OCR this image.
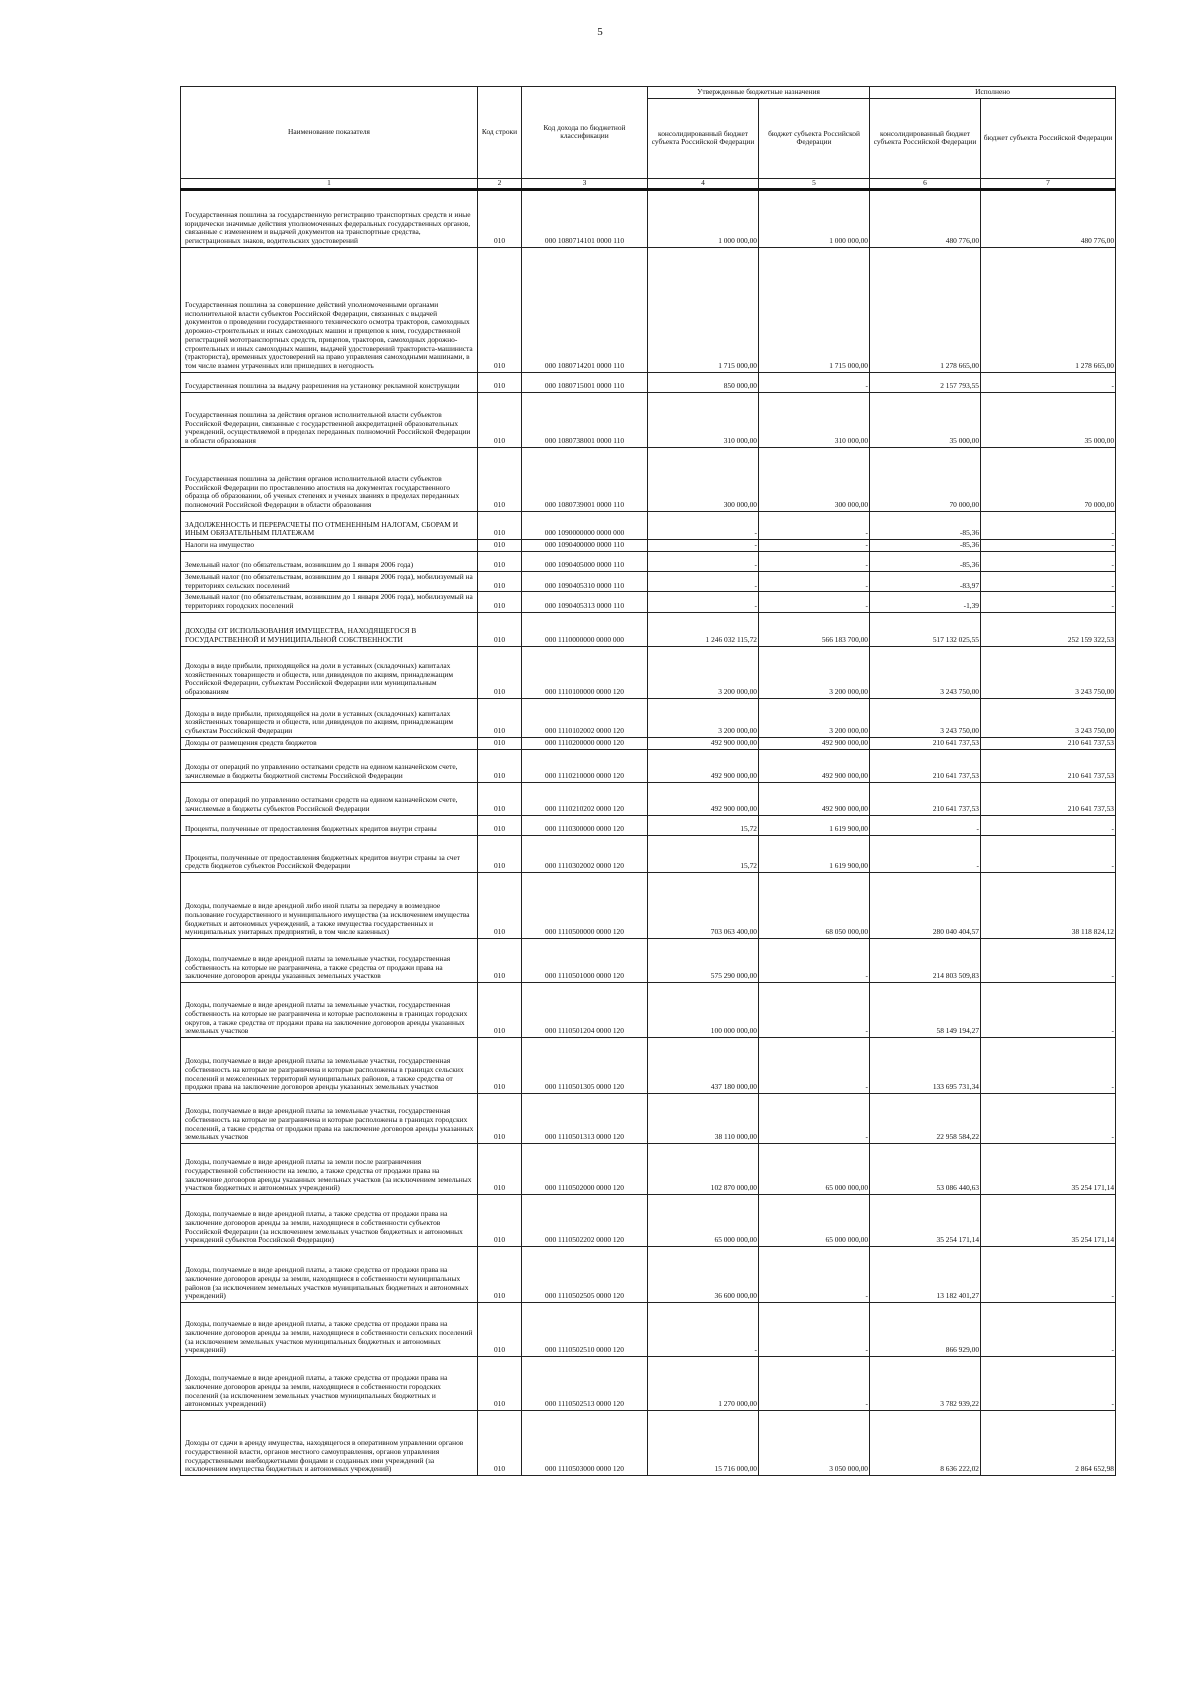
5
Наименование показателя	Код строки	Код дохода по бюджетной классификации	Утвержденные бюджетные назначения		Исполнено	
			консолидированный бюджет субъекта Российской Федерации	бюджет субъекта Российской Федерации	консолидированный бюджет субъекта Российской Федерации	бюджет субъекта Российской Федерации
1	2	3	4	5	6	7
Государственная пошлина за государственную регистрацию транспортных средств и иные юридически значимые действия уполномоченных федеральных государственных органов, связанные с изменением и выдачей документов на транспортные средства, регистрационных знаков, водительских удостоверений	010	000 1080714101 0000 110	1 000 000,00	1 000 000,00	480 776,00	480 776,00
Государственная пошлина за совершение действий уполномоченными органами исполнительной власти субъектов Российской Федерации, связанных с выдачей документов о проведении государственного технического осмотра тракторов, самоходных дорожно-строительных и иных самоходных машин и прицепов к ним, государственной регистрацией мототранспортных средств, прицепов, тракторов, самоходных дорожно-строительных и иных самоходных машин, выдачей удостоверений тракториста-машиниста (тракториста), временных удостоверений на право управления самоходными машинами, в том числе взамен утраченных или пришедших в негодность	010	000 1080714201 0000 110	1 715 000,00	1 715 000,00	1 278 665,00	1 278 665,00
Государственная пошлина за выдачу разрешения на установку рекламной конструкции	010	000 1080715001 0000 110	850 000,00	-	2 157 793,55	-
Государственная пошлина за действия органов исполнительной власти субъектов Российской Федерации, связанные с государственной аккредитацией образовательных учреждений, осуществляемой в пределах переданных полномочий Российской Федерации в области образования	010	000 1080738001 0000 110	310 000,00	310 000,00	35 000,00	35 000,00
Государственная пошлина за действия органов исполнительной власти субъектов Российской Федерации по проставлению апостиля на документах государственного образца об образовании, об ученых степенях и ученых званиях в пределах переданных полномочий Российской Федерации в области образования	010	000 1080739001 0000 110	300 000,00	300 000,00	70 000,00	70 000,00
ЗАДОЛЖЕННОСТЬ И ПЕРЕРАСЧЕТЫ ПО ОТМЕНЕННЫМ НАЛОГАМ, СБОРАМ И ИНЫМ ОБЯЗАТЕЛЬНЫМ ПЛАТЕЖАМ	010	000 1090000000 0000 000	-	-	-85,36	-
Налоги на имущество	010	000 1090400000 0000 110	-	-	-85,36	-
Земельный налог (по обязательствам, возникшим до 1 января 2006 года)	010	000 1090405000 0000 110	-	-	-85,36	-
Земельный налог (по обязательствам, возникшим до 1 января 2006 года), мобилизуемый на территориях сельских поселений	010	000 1090405310 0000 110	-	-	-83,97	-
Земельный налог (по обязательствам, возникшим до 1 января 2006 года), мобилизуемый на территориях городских поселений	010	000 1090405313 0000 110	-	-	-1,39	-
ДОХОДЫ ОТ ИСПОЛЬЗОВАНИЯ ИМУЩЕСТВА, НАХОДЯЩЕГОСЯ В ГОСУДАРСТВЕННОЙ И МУНИЦИПАЛЬНОЙ СОБСТВЕННОСТИ	010	000 1110000000 0000 000	1 246 032 115,72	566 183 700,00	517 132 025,55	252 159 322,53
Доходы в виде прибыли, приходящейся на доли в уставных (складочных) капиталах хозяйственных товариществ и обществ, или дивидендов по акциям, принадлежащим Российской Федерации, субъектам Российской Федерации или муниципальным образованиям	010	000 1110100000 0000 120	3 200 000,00	3 200 000,00	3 243 750,00	3 243 750,00
Доходы в виде прибыли, приходящейся на доли в уставных (складочных) капиталах хозяйственных товариществ и обществ, или дивидендов по акциям, принадлежащим субъектам Российской Федерации	010	000 1110102002 0000 120	3 200 000,00	3 200 000,00	3 243 750,00	3 243 750,00
Доходы от размещения средств бюджетов	010	000 1110200000 0000 120	492 900 000,00	492 900 000,00	210 641 737,53	210 641 737,53
Доходы от операций по управлению остатками средств на едином казначейском счете, зачисляемые в бюджеты бюджетной системы Российской Федерации	010	000 1110210000 0000 120	492 900 000,00	492 900 000,00	210 641 737,53	210 641 737,53
Доходы от операций по управлению остатками средств на едином казначейском счете, зачисляемые в бюджеты субъектов Российской Федерации	010	000 1110210202 0000 120	492 900 000,00	492 900 000,00	210 641 737,53	210 641 737,53
Проценты, полученные от предоставления бюджетных кредитов внутри страны	010	000 1110300000 0000 120	15,72	1 619 900,00	-	-
Проценты, полученные от предоставления бюджетных кредитов внутри страны за счет средств бюджетов субъектов Российской Федерации	010	000 1110302002 0000 120	15,72	1 619 900,00	-	-
Доходы, получаемые в виде арендной либо иной платы за передачу в возмездное пользование государственного и муниципального имущества (за исключением имущества бюджетных и автономных учреждений, а также имущества государственных и муниципальных унитарных предприятий, в том числе казенных)	010	000 1110500000 0000 120	703 063 400,00	68 050 000,00	280 040 404,57	38 118 824,12
Доходы, получаемые в виде арендной платы за земельные участки, государственная собственность на которые не разграничена, а также средства от продажи права на заключение договоров аренды указанных земельных участков	010	000 1110501000 0000 120	575 290 000,00	-	214 803 509,83	-
Доходы, получаемые в виде арендной платы за земельные участки, государственная собственность на которые не разграничена и которые расположены в границах городских округов, а также средства от продажи права на заключение договоров аренды указанных земельных участков	010	000 1110501204 0000 120	100 000 000,00	-	58 149 194,27	-
Доходы, получаемые в виде арендной платы за земельные участки, государственная собственность на которые не разграничена и которые расположены в границах сельских поселений и межселенных территорий муниципальных районов, а также средства от продажи права на заключение договоров аренды указанных земельных участков	010	000 1110501305 0000 120	437 180 000,00	-	133 695 731,34	-
Доходы, получаемые в виде арендной платы за земельные участки, государственная собственность на которые не разграничена и которые расположены в границах городских поселений, а также средства от продажи права на заключение договоров аренды указанных земельных участков	010	000 1110501313 0000 120	38 110 000,00	-	22 958 584,22	-
Доходы, получаемые в виде арендной платы за земли после разграничения государственной собственности на землю, а также средства от продажи права на заключение договоров аренды указанных земельных участков (за исключением земельных участков бюджетных и автономных учреждений)	010	000 1110502000 0000 120	102 870 000,00	65 000 000,00	53 086 440,63	35 254 171,14
Доходы, получаемые в виде арендной платы, а также средства от продажи права на заключение договоров аренды за земли, находящиеся в собственности субъектов Российской Федерации (за исключением земельных участков бюджетных и автономных учреждений субъектов Российской Федерации)	010	000 1110502202 0000 120	65 000 000,00	65 000 000,00	35 254 171,14	35 254 171,14
Доходы, получаемые в виде арендной платы, а также средства от продажи права на заключение договоров аренды за земли, находящиеся в собственности муниципальных районов (за исключением земельных участков муниципальных бюджетных и автономных учреждений)	010	000 1110502505 0000 120	36 600 000,00	-	13 182 401,27	-
Доходы, получаемые в виде арендной платы, а также средства от продажи права на заключение договоров аренды за земли, находящиеся в собственности сельских поселений (за исключением земельных участков муниципальных бюджетных и автономных учреждений)	010	000 1110502510 0000 120	-	-	866 929,00	-
Доходы, получаемые в виде арендной платы, а также средства от продажи права на заключение договоров аренды за земли, находящиеся в собственности городских поселений (за исключением земельных участков муниципальных бюджетных и автономных учреждений)	010	000 1110502513 0000 120	1 270 000,00	-	3 782 939,22	-
Доходы от сдачи в аренду имущества, находящегося в оперативном управлении органов государственной власти, органов местного самоуправления, органов управления государственными внебюджетными фондами и созданных ими учреждений (за исключением имущества бюджетных и автономных учреждений)	010	000 1110503000 0000 120	15 716 000,00	3 050 000,00	8 636 222,02	2 864 652,98
